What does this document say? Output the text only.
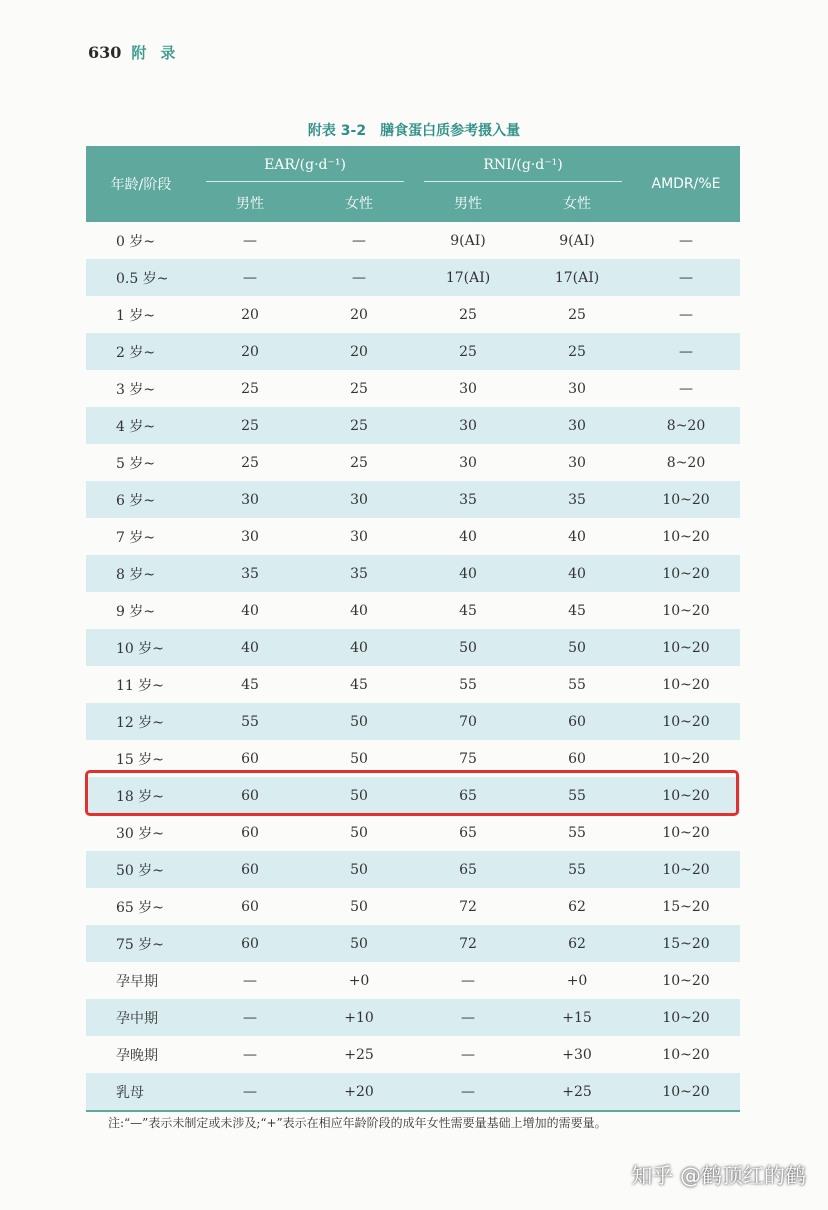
630 附录
附表 3-2　膳食蛋白质参考摄入量
年龄/阶段	EAR/(g·d⁻¹)		RNI/(g·d⁻¹)		AMDR/%E
	男性	女性	男性	女性	
0 岁~	—	—	9(AI)	9(AI)	—
0.5 岁~	—	—	17(AI)	17(AI)	—
1 岁~	20	20	25	25	—
2 岁~	20	20	25	25	—
3 岁~	25	25	30	30	—
4 岁~	25	25	30	30	8~20
5 岁~	25	25	30	30	8~20
6 岁~	30	30	35	35	10~20
7 岁~	30	30	40	40	10~20
8 岁~	35	35	40	40	10~20
9 岁~	40	40	45	45	10~20
10 岁~	40	40	50	50	10~20
11 岁~	45	45	55	55	10~20
12 岁~	55	50	70	60	10~20
15 岁~	60	50	75	60	10~20
18 岁~	60	50	65	55	10~20
30 岁~	60	50	65	55	10~20
50 岁~	60	50	65	55	10~20
65 岁~	60	50	72	62	15~20
75 岁~	60	50	72	62	15~20
孕早期	—	+0	—	+0	10~20
孕中期	—	+10	—	+15	10~20
孕晚期	—	+25	—	+30	10~20
乳母	—	+20	—	+25	10~20
注:“—”表示未制定或未涉及;“+”表示在相应年龄阶段的成年女性需要量基础上增加的需要量。
知乎 @鹤顶红的鹤
